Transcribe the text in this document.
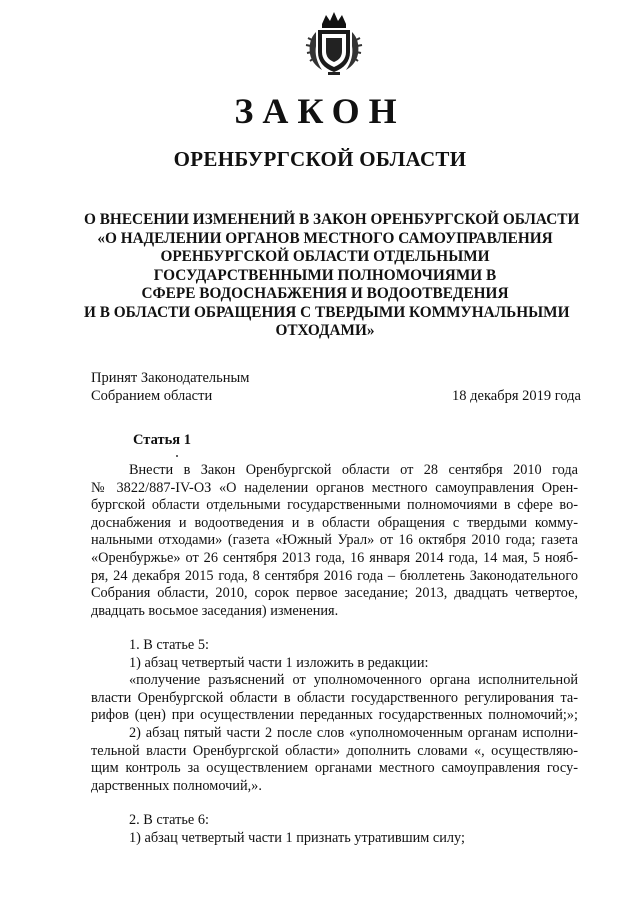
ЗАКОН
ОРЕНБУРГСКОЙ ОБЛАСТИ
О ВНЕСЕНИИ ИЗМЕНЕНИЙ В ЗАКОН ОРЕНБУРГСКОЙ ОБЛАСТИ
«О НАДЕЛЕНИИ ОРГАНОВ МЕСТНОГО САМОУПРАВЛЕНИЯ
ОРЕНБУРГСКОЙ ОБЛАСТИ ОТДЕЛЬНЫМИ
ГОСУДАРСТВЕННЫМИ ПОЛНОМОЧИЯМИ В
СФЕРЕ ВОДОСНАБЖЕНИЯ И ВОДООТВЕДЕНИЯ
И В ОБЛАСТИ ОБРАЩЕНИЯ С ТВЕРДЫМИ КОММУНАЛЬНЫМИ
ОТХОДАМИ»
Принят Законодательным
Собранием области	18 декабря 2019 года
Статья 1
Внести в Закон Оренбургской области от 28 сентября 2010 года
№ 3822/887-IV-ОЗ «О наделении органов местного самоуправления Орен-
бургской области отдельными государственными полномочиями в сфере во-
доснабжения и водоотведения и в области обращения с твердыми комму-
нальными отходами» (газета «Южный Урал» от 16 октября 2010 года; газета
«Оренбуржье» от 26 сентября 2013 года, 16 января 2014 года, 14 мая, 5 нояб-
ря, 24 декабря 2015 года, 8 сентября 2016 года – бюллетень Законодательного
Собрания области, 2010, сорок первое заседание; 2013, двадцать четвертое,
двадцать восьмое заседания) изменения.
1. В статье 5:
1) абзац четвертый части 1 изложить в редакции:
«получение разъяснений от уполномоченного органа исполнительной
власти Оренбургской области в области государственного регулирования та-
рифов (цен) при осуществлении переданных государственных полномочий;»;
2) абзац пятый части 2 после слов «уполномоченным органам исполни-
тельной власти Оренбургской области» дополнить словами «, осуществляю-
щим контроль за осуществлением органами местного самоуправления госу-
дарственных полномочий,».
2. В статье 6:
1) абзац четвертый части 1 признать утратившим силу;
